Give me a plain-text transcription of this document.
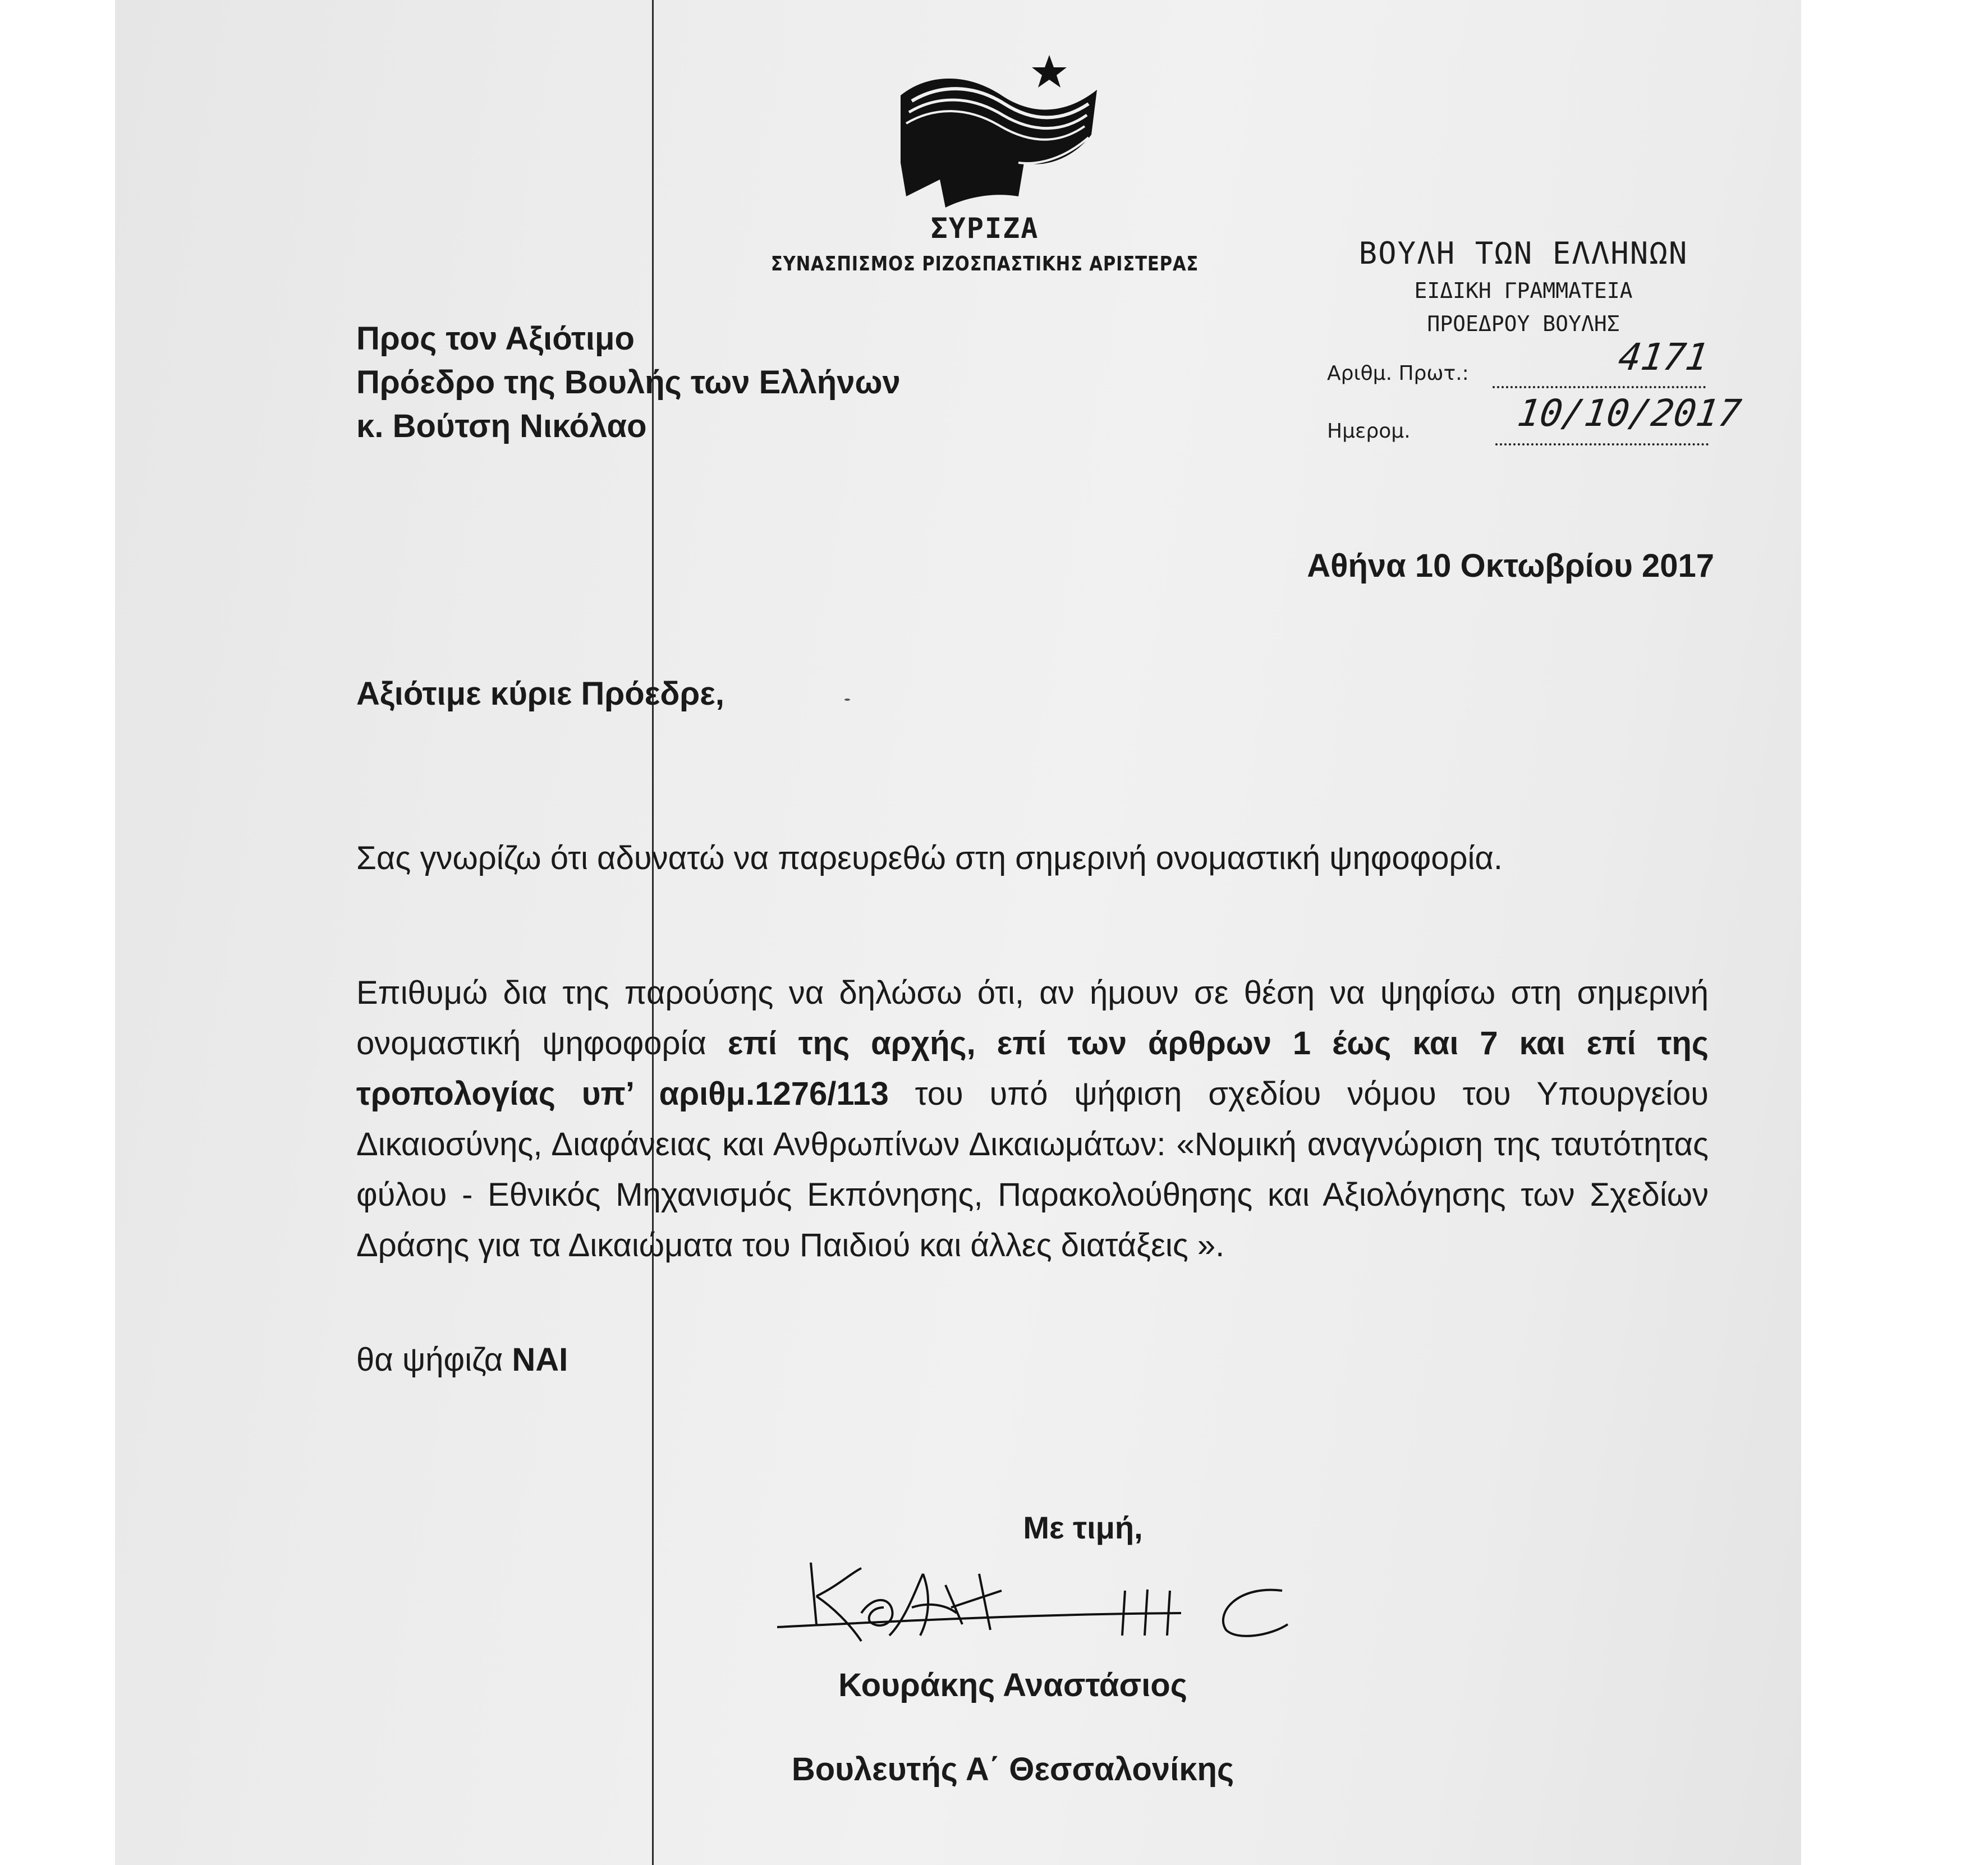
ΣΥΡΙΖΑ
ΣΥΝΑΣΠΙΣΜΟΣ ΡΙΖΟΣΠΑΣΤΙΚΗΣ ΑΡΙΣΤΕΡΑΣ	ΒΟΥΛΗ ΤΩΝ ΕΛΛΗΝΩΝ
ΕΙΔΙΚΗ ΓΡΑΜΜΑΤΕΙΑ
ΠΡΟΕΔΡΟΥ ΒΟΥΛΗΣ
Αριθμ. Πρωτ.:	4171
Ημερομ.	10/10/2017
Προς τον Αξιότιμο
Πρόεδρο της Βουλής των Ελλήνων
κ. Βούτση Νικόλαο
Αθήνα 10 Οκτωβρίου 2017
Αξιότιμε κύριε Πρόεδρε,
Σας γνωρίζω ότι αδυνατώ να παρευρεθώ στη σημερινή ονομαστική ψηφοφορία.
Επιθυμώ δια της παρούσης να δηλώσω ότι, αν ήμουν σε θέση να ψηφίσω στη σημερινή ονομαστική ψηφοφορία επί της αρχής, επί των άρθρων 1 έως και 7 και επί της τροπολογίας υπ’ αριθμ.1276/113 του υπό ψήφιση σχεδίου νόμου του Υπουργείου Δικαιοσύνης, Διαφάνειας και Ανθρωπίνων Δικαιωμάτων: «Νομική αναγνώριση της ταυτότητας φύλου - Εθνικός Μηχανισμός Εκπόνησης, Παρακολούθησης και Αξιολόγησης των Σχεδίων Δράσης για τα Δικαιώματα του Παιδιού και άλλες διατάξεις ».
θα ψήφιζα ΝΑΙ
Με τιμή,
Κουράκης Αναστάσιος
Βουλευτής Α΄ Θεσσαλονίκης
